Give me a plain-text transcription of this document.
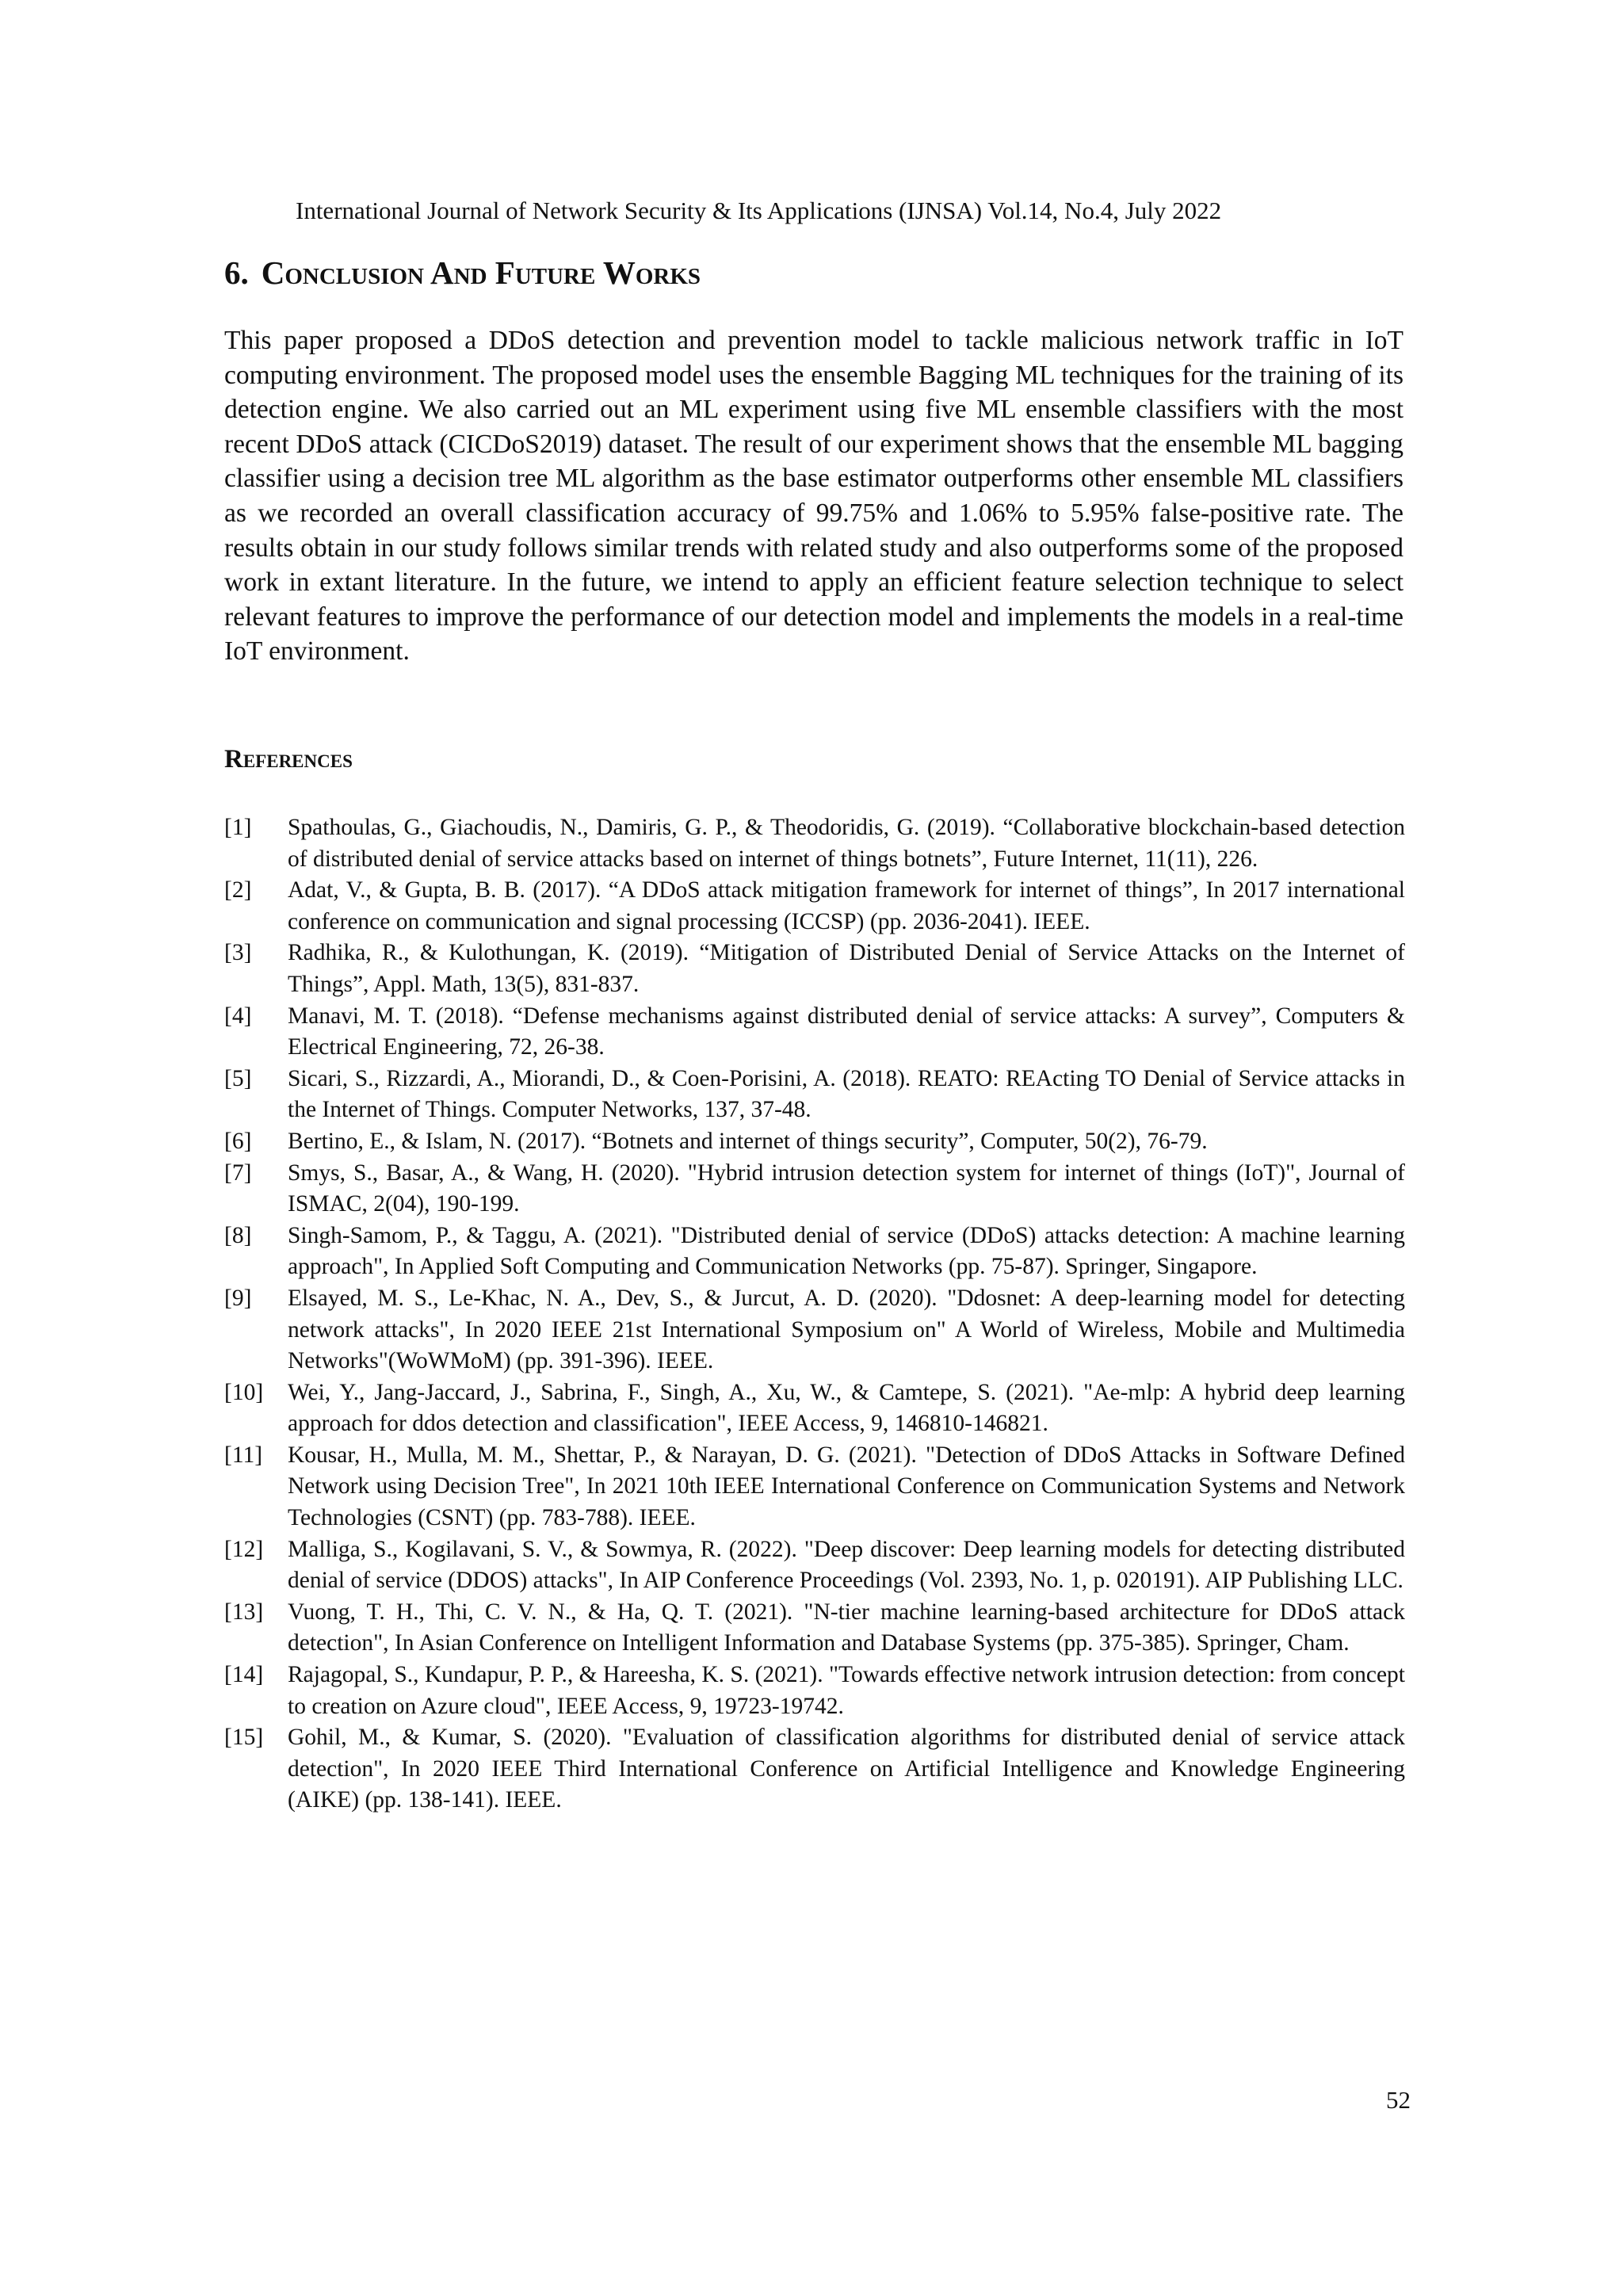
International Journal of Network Security & Its Applications (IJNSA) Vol.14, No.4, July 2022
6. Conclusion And Future Works

This paper proposed a DDoS detection and prevention model to tackle malicious network traffic in IoT computing environment. The proposed model uses the ensemble Bagging ML techniques for the training of its detection engine. We also carried out an ML experiment using five ML ensemble classifiers with the most recent DDoS attack (CICDoS2019) dataset. The result of our experiment shows that the ensemble ML bagging classifier using a decision tree ML algorithm as the base estimator outperforms other ensemble ML classifiers as we recorded an overall classification accuracy of 99.75% and 1.06% to 5.95% false-positive rate. The results obtain in our study follows similar trends with related study and also outperforms some of the proposed work in extant literature. In the future, we intend to apply an efficient feature selection technique to select relevant features to improve the performance of our detection model and implements the models in a real-time IoT environment.

References
[1] Spathoulas, G., Giachoudis, N., Damiris, G. P., & Theodoridis, G. (2019). “Collaborative blockchain-based detection of distributed denial of service attacks based on internet of things botnets”, Future Internet, 11(11), 226.
[2] Adat, V., & Gupta, B. B. (2017). “A DDoS attack mitigation framework for internet of things”, In 2017 international conference on communication and signal processing (ICCSP) (pp. 2036-2041). IEEE.
[3] Radhika, R., & Kulothungan, K. (2019). “Mitigation of Distributed Denial of Service Attacks on the Internet of Things”, Appl. Math, 13(5), 831-837.
[4] Manavi, M. T. (2018). “Defense mechanisms against distributed denial of service attacks: A survey”, Computers & Electrical Engineering, 72, 26-38.
[5] Sicari, S., Rizzardi, A., Miorandi, D., & Coen-Porisini, A. (2018). REATO: REActing TO Denial of Service attacks in the Internet of Things. Computer Networks, 137, 37-48.
[6] Bertino, E., & Islam, N. (2017). “Botnets and internet of things security”, Computer, 50(2), 76-79.
[7] Smys, S., Basar, A., & Wang, H. (2020). "Hybrid intrusion detection system for internet of things (IoT)", Journal of ISMAC, 2(04), 190-199.
[8] Singh-Samom, P., & Taggu, A. (2021). "Distributed denial of service (DDoS) attacks detection: A machine learning approach", In Applied Soft Computing and Communication Networks (pp. 75-87). Springer, Singapore.
[9] Elsayed, M. S., Le-Khac, N. A., Dev, S., & Jurcut, A. D. (2020). "Ddosnet: A deep-learning model for detecting network attacks", In 2020 IEEE 21st International Symposium on" A World of Wireless, Mobile and Multimedia Networks"(WoWMoM) (pp. 391-396). IEEE.
[10] Wei, Y., Jang-Jaccard, J., Sabrina, F., Singh, A., Xu, W., & Camtepe, S. (2021). "Ae-mlp: A hybrid deep learning approach for ddos detection and classification", IEEE Access, 9, 146810-146821.
[11] Kousar, H., Mulla, M. M., Shettar, P., & Narayan, D. G. (2021). "Detection of DDoS Attacks in Software Defined Network using Decision Tree", In 2021 10th IEEE International Conference on Communication Systems and Network Technologies (CSNT) (pp. 783-788). IEEE.
[12] Malliga, S., Kogilavani, S. V., & Sowmya, R. (2022). "Deep discover: Deep learning models for detecting distributed denial of service (DDOS) attacks", In AIP Conference Proceedings (Vol. 2393, No. 1, p. 020191). AIP Publishing LLC.
[13] Vuong, T. H., Thi, C. V. N., & Ha, Q. T. (2021). "N-tier machine learning-based architecture for DDoS attack detection", In Asian Conference on Intelligent Information and Database Systems (pp. 375-385). Springer, Cham.
[14] Rajagopal, S., Kundapur, P. P., & Hareesha, K. S. (2021). "Towards effective network intrusion detection: from concept to creation on Azure cloud", IEEE Access, 9, 19723-19742.
[15] Gohil, M., & Kumar, S. (2020). "Evaluation of classification algorithms for distributed denial of service attack detection", In 2020 IEEE Third International Conference on Artificial Intelligence and Knowledge Engineering (AIKE) (pp. 138-141). IEEE.
52
